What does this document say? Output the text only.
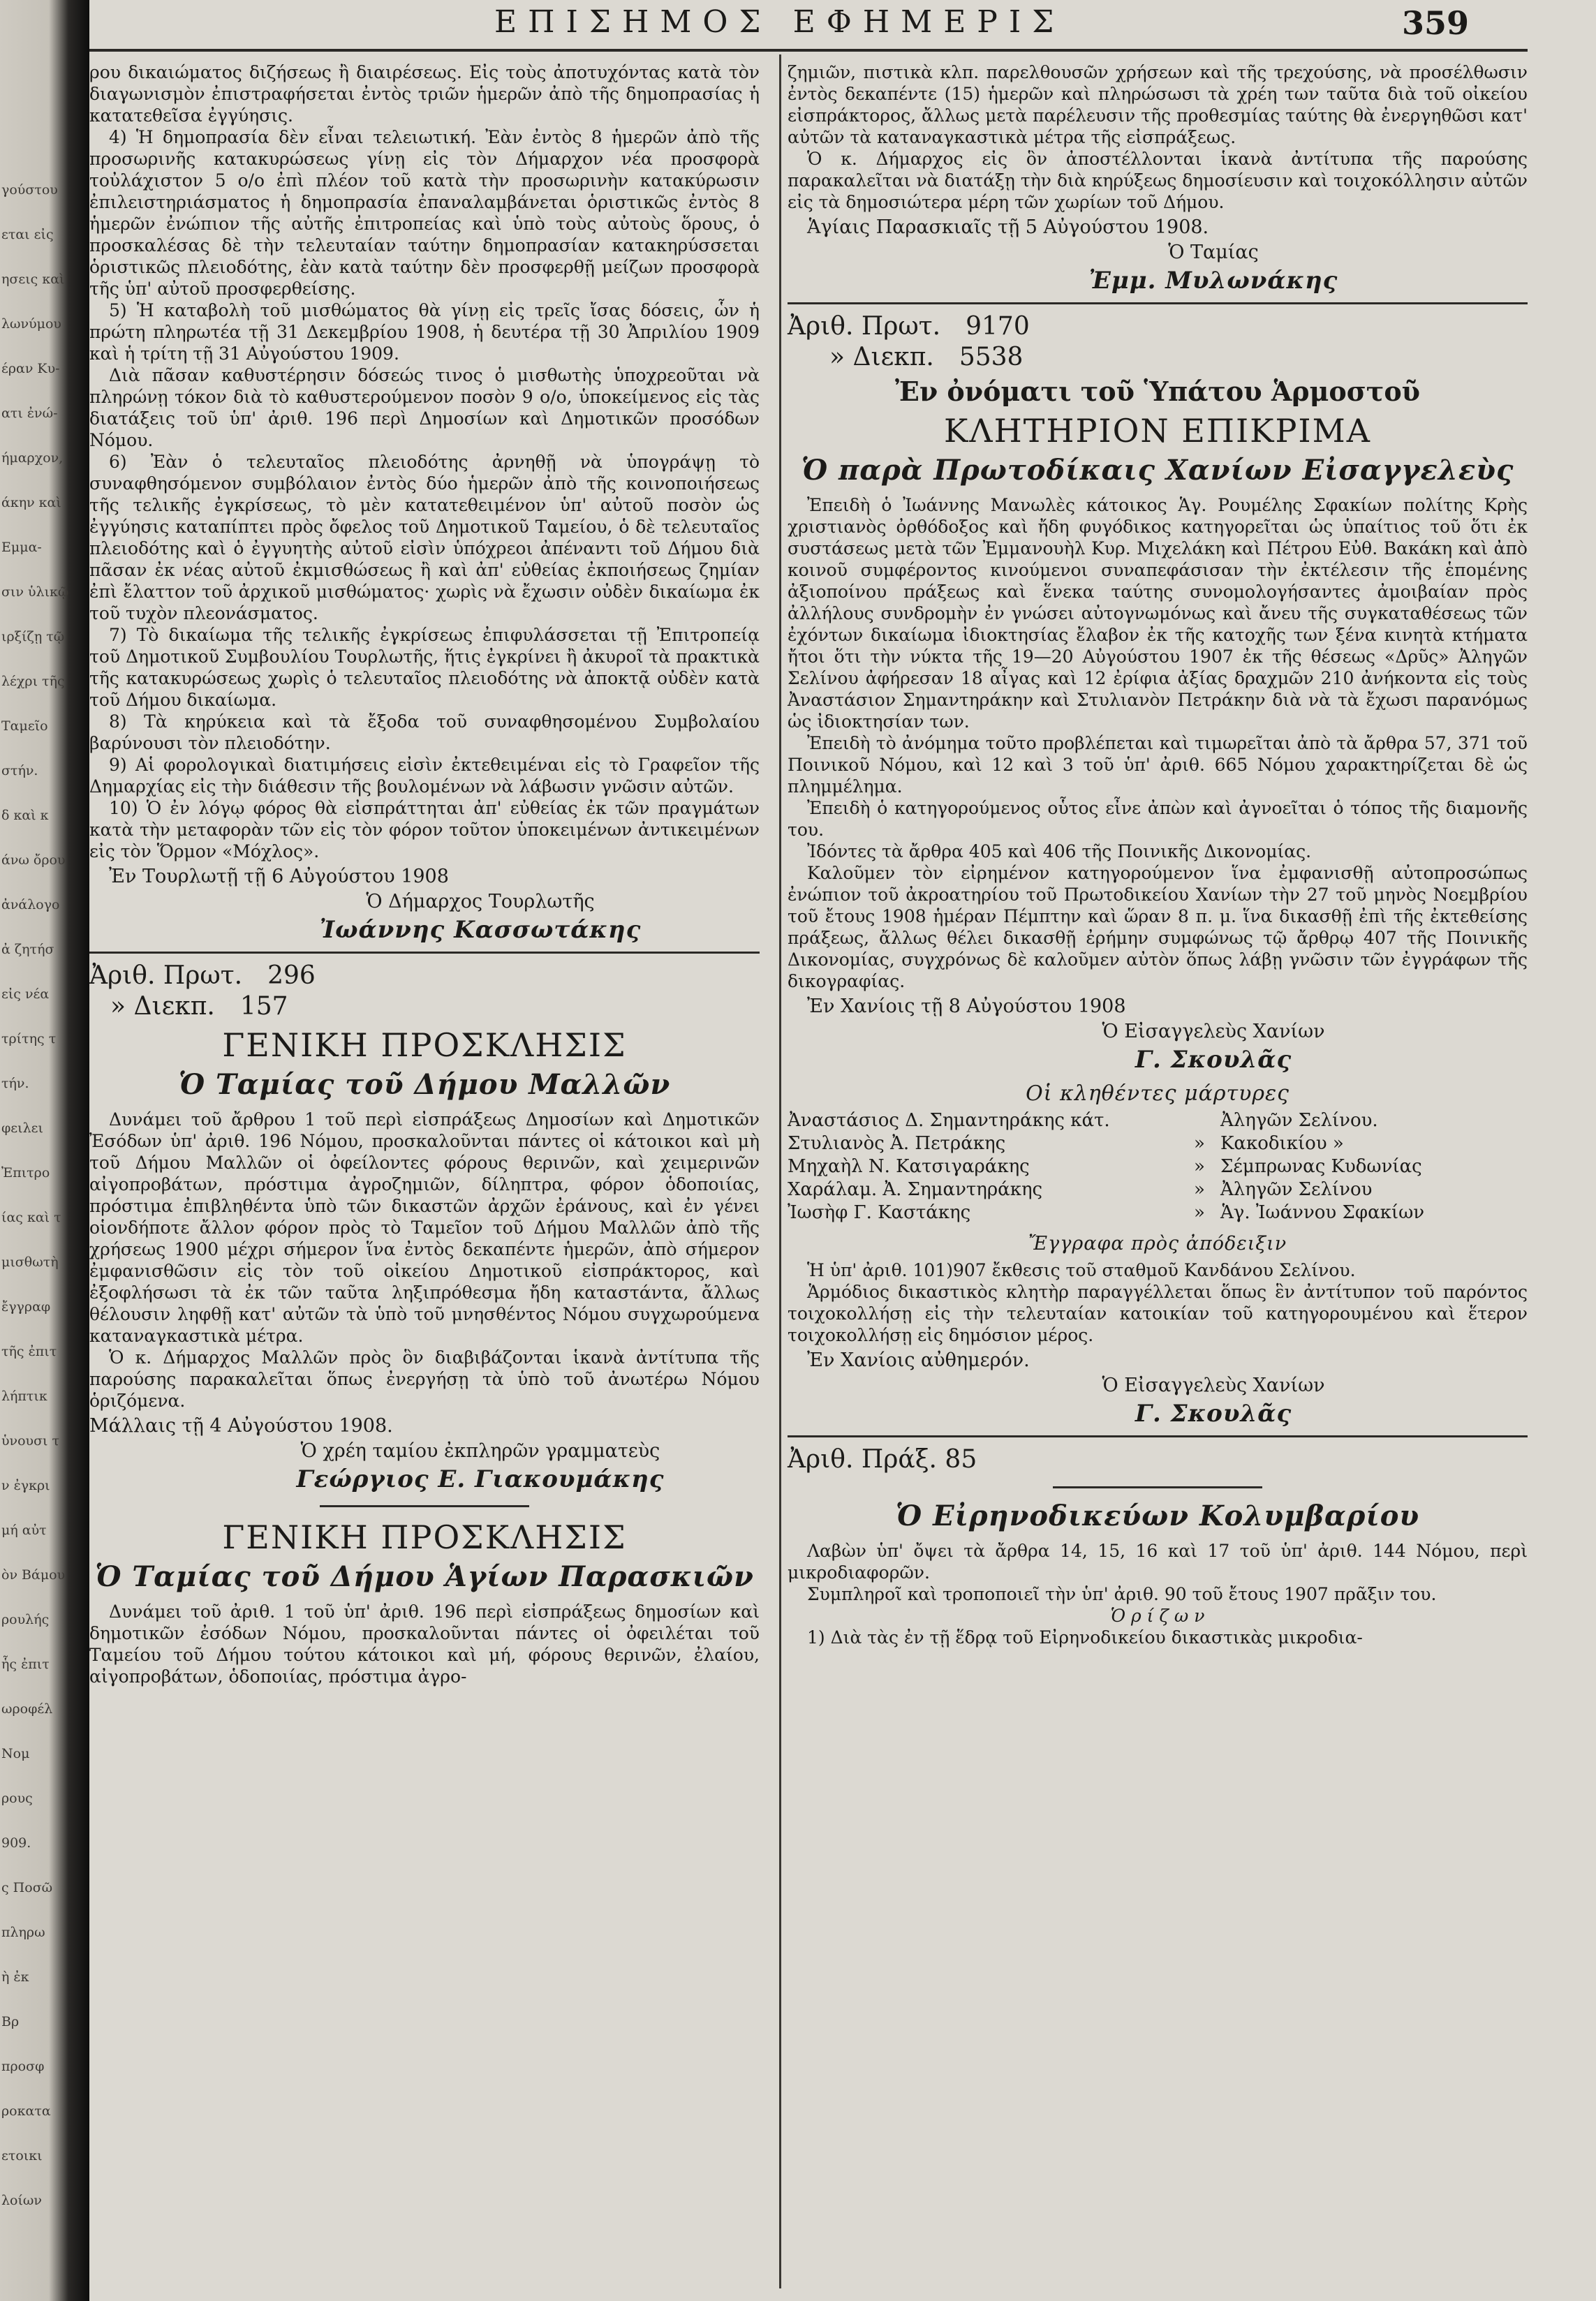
γούστου
εται εἰς
ησεις καὶ
λωνύμου
έραν Κυ-
ατι ἐνώ-
ήμαρχον,
άκην καὶ
Εμμα-
σιν ὑλικῷ
ιρξίζῃ τῷ
λέχρι τῆς
Ταμεῖο
στήν.
δ καὶ κ
άνω ὄρου
ἀνάλογο
ἀ ζητήσ
εἰς νέα
τρίτης τ
τήν.
φειλει
Ἐπιτρο
ίας καὶ τ
μισθωτὴ
ἔγγραφ
τῆς ἐπιτ
λήπτικ
ὑνουσι τ
ν ἐγκρι
μή αὐτ
ὸν Βάμου
ρουλής
ἧς ἐπιτ
ωροφέλ
Νομ
ρους
909.
ς Ποσῶ
πληρω
ὴ ἐκ
Βρ
προσφ
ροκατα
ετοικι
λοίων
ΕΠΙΣΗΜΟΣ ΕΦΗΜΕΡΙΣ	359

ρου δικαιώματος διζήσεως ἢ διαιρέσεως. Εἰς τοὺς ἀποτυχόντας κατὰ τὸν διαγωνισμὸν ἐπιστραφήσεται ἐντὸς τριῶν ἡμερῶν ἀπὸ τῆς δημοπρασίας ἡ κατατεθεῖσα ἐγγύησις.

4) Ἡ δημοπρασία δὲν εἶναι τελειωτική. Ἐὰν ἐντὸς 8 ἡμερῶν ἀπὸ τῆς προσωρινῆς κατακυρώσεως γίνῃ εἰς τὸν Δήμαρχον νέα προσφορὰ τοὐλάχιστον 5 ο/ο ἐπὶ πλέον τοῦ κατὰ τὴν προσωρινὴν κατακύρωσιν ἐπιλειστηριάσματος ἡ δημοπρασία ἐπαναλαμβάνεται ὁριστικῶς ἐντὸς 8 ἡμερῶν ἐνώπιον τῆς αὐτῆς ἐπιτροπείας καὶ ὑπὸ τοὺς αὐτοὺς ὅρους, ὁ προσκαλέσας δὲ τὴν τελευταίαν ταύτην δημοπρασίαν κατακηρύσσεται ὁριστικῶς πλειοδότης, ἐὰν κατὰ ταύτην δὲν προσφερθῇ μείζων προσφορὰ τῆς ὑπ' αὐτοῦ προσφερθείσης.

5) Ἡ καταβολὴ τοῦ μισθώματος θὰ γίνῃ εἰς τρεῖς ἴσας δόσεις, ὧν ἡ πρώτη πληρωτέα τῇ 31 Δεκεμβρίου 1908, ἡ δευτέρα τῇ 30 Ἀπριλίου 1909 καὶ ἡ τρίτη τῇ 31 Αὐγούστου 1909.

Διὰ πᾶσαν καθυστέρησιν δόσεώς τινος ὁ μισθωτὴς ὑποχρεοῦται νὰ πληρώνῃ τόκον διὰ τὸ καθυστερούμενον ποσὸν 9 ο/ο, ὑποκείμενος εἰς τὰς διατάξεις τοῦ ὑπ' ἀριθ. 196 περὶ Δημοσίων καὶ Δημοτικῶν προσόδων Νόμου.

6) Ἐὰν ὁ τελευταῖος πλειοδότης ἀρνηθῇ νὰ ὑπογράψῃ τὸ συναφθησόμενον συμβόλαιον ἐντὸς δύο ἡμερῶν ἀπὸ τῆς κοινοποιήσεως τῆς τελικῆς ἐγκρίσεως, τὸ μὲν κατατεθειμένον ὑπ' αὐτοῦ ποσὸν ὡς ἐγγύησις καταπίπτει πρὸς ὄφελος τοῦ Δημοτικοῦ Ταμείου, ὁ δὲ τελευταῖος πλειοδότης καὶ ὁ ἐγγυητὴς αὐτοῦ εἰσὶν ὑπόχρεοι ἀπέναντι τοῦ Δήμου διὰ πᾶσαν ἐκ νέας αὐτοῦ ἐκμισθώσεως ἢ καὶ ἀπ' εὐθείας ἐκποιήσεως ζημίαν ἐπὶ ἔλαττον τοῦ ἀρχικοῦ μισθώματος· χωρὶς νὰ ἔχωσιν οὐδὲν δικαίωμα ἐκ τοῦ τυχὸν πλεονάσματος.

7) Τὸ δικαίωμα τῆς τελικῆς ἐγκρίσεως ἐπιφυλάσσεται τῇ Ἐπιτροπείᾳ τοῦ Δημοτικοῦ Συμβουλίου Τουρλωτῆς, ἥτις ἐγκρίνει ἢ ἀκυροῖ τὰ πρακτικὰ τῆς κατακυρώσεως χωρὶς ὁ τελευταῖος πλειοδότης νὰ ἀποκτᾷ οὐδὲν κατὰ τοῦ Δήμου δικαίωμα.

8) Τὰ κηρύκεια καὶ τὰ ἔξοδα τοῦ συναφθησομένου Συμβολαίου βαρύνουσι τὸν πλειοδότην.

9) Αἱ φορολογικαὶ διατιμήσεις εἰσὶν ἐκτεθειμέναι εἰς τὸ Γραφεῖον τῆς Δημαρχίας εἰς τὴν διάθεσιν τῆς βουλομένων νὰ λάβωσιν γνῶσιν αὐτῶν.

10) Ὁ ἐν λόγῳ φόρος θὰ εἰσπράττηται ἀπ' εὐθείας ἐκ τῶν πραγμάτων κατὰ τὴν μεταφορὰν τῶν εἰς τὸν φόρον τοῦτον ὑποκειμένων ἀντικειμένων εἰς τὸν Ὅρμον «Μόχλος».

Ἐν Τουρλωτῇ τῇ 6 Αὐγούστου 1908

Ὁ Δήμαρχος Τουρλωτῆς

Ἰωάννης Κασσωτάκης

Ἀριθ. Πρωτ. 296

» Διεκπ. 157

ΓΕΝΙΚΗ ΠΡΟΣΚΛΗΣΙΣ

Ὁ Ταμίας τοῦ Δήμου Μαλλῶν

Δυνάμει τοῦ ἄρθρου 1 τοῦ περὶ εἰσπράξεως Δημοσίων καὶ Δημοτικῶν Ἐσόδων ὑπ' ἀριθ. 196 Νόμου, προσκαλοῦνται πάντες οἱ κάτοικοι καὶ μὴ τοῦ Δήμου Μαλλῶν οἱ ὀφείλοντες φόρους θερινῶν, καὶ χειμερινῶν αἰγοπροβάτων, πρόστιμα ἀγροζημιῶν, δίληπτρα, φόρον ὁδοποιίας, πρόστιμα ἐπιβληθέντα ὑπὸ τῶν δικαστῶν ἀρχῶν ἐράνους, καὶ ἐν γένει οἱονδήποτε ἄλλον φόρον πρὸς τὸ Ταμεῖον τοῦ Δήμου Μαλλῶν ἀπὸ τῆς χρήσεως 1900 μέχρι σήμερον ἵνα ἐντὸς δεκαπέντε ἡμερῶν, ἀπὸ σήμερον ἐμφανισθῶσιν εἰς τὸν τοῦ οἰκείου Δημοτικοῦ εἰσπράκτορος, καὶ ἐξοφλήσωσι τὰ ἐκ τῶν ταῦτα ληξιπρόθεσμα ἤδη καταστάντα, ἄλλως θέλουσιν ληφθῇ κατ' αὐτῶν τὰ ὑπὸ τοῦ μνησθέντος Νόμου συγχωρούμενα καταναγκαστικὰ μέτρα.

Ὁ κ. Δήμαρχος Μαλλῶν πρὸς ὃν διαβιβάζονται ἱκανὰ ἀντίτυπα τῆς παρούσης παρακαλεῖται ὅπως ἐνεργήσῃ τὰ ὑπὸ τοῦ ἀνωτέρω Νόμου ὁριζόμενα.

Μάλλαις τῇ 4 Αὐγούστου 1908.

Ὁ χρέη ταμίου ἐκπληρῶν γραμματεὺς

Γεώργιος Ε. Γιακουμάκης

ΓΕΝΙΚΗ ΠΡΟΣΚΛΗΣΙΣ

Ὁ Ταμίας τοῦ Δήμου Ἁγίων Παρασκιῶν

Δυνάμει τοῦ ἀριθ. 1 τοῦ ὑπ' ἀριθ. 196 περὶ εἰσπράξεως δημοσίων καὶ δημοτικῶν ἐσόδων Νόμου, προσκαλοῦνται πάντες οἱ ὀφειλέται τοῦ Ταμείου τοῦ Δήμου τούτου κάτοικοι καὶ μή, φόρους θερινῶν, ἐλαίου, αἰγοπροβάτων, ὁδοποιίας, πρόστιμα ἀγρο-

ζημιῶν, πιστικὰ κλπ. παρελθουσῶν χρήσεων καὶ τῆς τρεχούσης, νὰ προσέλθωσιν ἐντὸς δεκαπέντε (15) ἡμερῶν καὶ πληρώσωσι τὰ χρέη των ταῦτα διὰ τοῦ οἰκείου εἰσπράκτορος, ἄλλως μετὰ παρέλευσιν τῆς προθεσμίας ταύτης θὰ ἐνεργηθῶσι κατ' αὐτῶν τὰ καταναγκαστικὰ μέτρα τῆς εἰσπράξεως.

Ὁ κ. Δήμαρχος εἰς ὃν ἀποστέλλονται ἱκανὰ ἀντίτυπα τῆς παρούσης παρακαλεῖται νὰ διατάξῃ τὴν διὰ κηρύξεως δημοσίευσιν καὶ τοιχοκόλλησιν αὐτῶν εἰς τὰ δημοσιώτερα μέρη τῶν χωρίων τοῦ Δήμου.

Ἁγίαις Παρασκιαῖς τῇ 5 Αὐγούστου 1908.

Ὁ Ταμίας

Ἐμμ. Μυλωνάκης

Ἀριθ. Πρωτ. 9170

» Διεκπ. 5538

Ἐν ὀνόματι τοῦ Ὑπάτου Ἁρμοστοῦ

ΚΛΗΤΗΡΙΟΝ ΕΠΙΚΡΙΜΑ

Ὁ παρὰ Πρωτοδίκαις Χανίων Εἰσαγγελεὺς

Ἐπειδὴ ὁ Ἰωάννης Μανωλὲς κάτοικος Ἁγ. Ρουμέλης Σφακίων πολίτης Κρὴς χριστιανὸς ὀρθόδοξος καὶ ἤδη φυγόδικος κατηγορεῖται ὡς ὑπαίτιος τοῦ ὅτι ἐκ συστάσεως μετὰ τῶν Ἐμμανουὴλ Κυρ. Μιχελάκη καὶ Πέτρου Εὐθ. Βακάκη καὶ ἀπὸ κοινοῦ συμφέροντος κινούμενοι συναπεφάσισαν τὴν ἐκτέλεσιν τῆς ἑπομένης ἀξιοποίνου πράξεως καὶ ἕνεκα ταύτης συνομολογήσαντες ἀμοιβαίαν πρὸς ἀλλήλους συνδρομὴν ἐν γνώσει αὐτογνωμόνως καὶ ἄνευ τῆς συγκαταθέσεως τῶν ἐχόντων δικαίωμα ἰδιοκτησίας ἔλαβον ἐκ τῆς κατοχῆς των ξένα κινητὰ κτήματα ἤτοι ὅτι τὴν νύκτα τῆς 19—20 Αὐγούστου 1907 ἐκ τῆς θέσεως «Δρῦς» Ἀληγῶν Σελίνου ἀφήρεσαν 18 αἶγας καὶ 12 ἐρίφια ἀξίας δραχμῶν 210 ἀνήκοντα εἰς τοὺς Ἀναστάσιον Σημαντηράκην καὶ Στυλιανὸν Πετράκην διὰ νὰ τὰ ἔχωσι παρανόμως ὡς ἰδιοκτησίαν των.

Ἐπειδὴ τὸ ἀνόμημα τοῦτο προβλέπεται καὶ τιμωρεῖται ἀπὸ τὰ ἄρθρα 57, 371 τοῦ Ποινικοῦ Νόμου, καὶ 12 καὶ 3 τοῦ ὑπ' ἀριθ. 665 Νόμου χαρακτηρίζεται δὲ ὡς πλημμέλημα.

Ἐπειδὴ ὁ κατηγορούμενος οὗτος εἶνε ἀπὼν καὶ ἀγνοεῖται ὁ τόπος τῆς διαμονῆς του.

Ἰδόντες τὰ ἄρθρα 405 καὶ 406 τῆς Ποινικῆς Δικονομίας.

Καλοῦμεν τὸν εἰρημένον κατηγορούμενον ἵνα ἐμφανισθῇ αὐτοπροσώπως ἐνώπιον τοῦ ἀκροατηρίου τοῦ Πρωτοδικείου Χανίων τὴν 27 τοῦ μηνὸς Νοεμβρίου τοῦ ἔτους 1908 ἡμέραν Πέμπτην καὶ ὥραν 8 π. μ. ἵνα δικασθῇ ἐπὶ τῆς ἐκτεθείσης πράξεως, ἄλλως θέλει δικασθῇ ἐρήμην συμφώνως τῷ ἄρθρῳ 407 τῆς Ποινικῆς Δικονομίας, συγχρόνως δὲ καλοῦμεν αὐτὸν ὅπως λάβῃ γνῶσιν τῶν ἐγγράφων τῆς δικογραφίας.

Ἐν Χανίοις τῇ 8 Αὐγούστου 1908

Ὁ Εἰσαγγελεὺς Χανίων

Γ. Σκουλᾶς

Οἱ κληθέντες μάρτυρες

Ἀναστάσιος Δ. Σημαντηράκης κάτ.	Ἀληγῶν Σελίνου.
Στυλιανὸς Ἀ. Πετράκης	» Κακοδικίου »
Μηχαὴλ Ν. Κατσιγαράκης	» Σέμπρωνας Κυδωνίας
Χαράλαμ. Ἀ. Σημαντηράκης	» Ἀληγῶν Σελίνου
Ἰωσὴφ Γ. Καστάκης	» Ἁγ. Ἰωάννου Σφακίων

Ἔγγραφα πρὸς ἀπόδειξιν

Ἡ ὑπ' ἀριθ. 101)907 ἔκθεσις τοῦ σταθμοῦ Κανδάνου Σελίνου.

Ἁρμόδιος δικαστικὸς κλητὴρ παραγγέλλεται ὅπως ἓν ἀντίτυπον τοῦ παρόντος τοιχοκολλήσῃ εἰς τὴν τελευταίαν κατοικίαν τοῦ κατηγορουμένου καὶ ἕτερον τοιχοκολλήσῃ εἰς δημόσιον μέρος.

Ἐν Χανίοις αὐθημερόν.

Ὁ Εἰσαγγελεὺς Χανίων

Γ. Σκουλᾶς

Ἀριθ. Πράξ. 85

Ὁ Εἰρηνοδικεύων Κολυμβαρίου

Λαβὼν ὑπ' ὄψει τὰ ἄρθρα 14, 15, 16 καὶ 17 τοῦ ὑπ' ἀριθ. 144 Νόμου, περὶ μικροδιαφορῶν.

Συμπληροῖ καὶ τροποποιεῖ τὴν ὑπ' ἀριθ. 90 τοῦ ἔτους 1907 πρᾶξιν του.

Ὁ ρ ί ζ ω ν

1) Διὰ τὰς ἐν τῇ ἕδρᾳ τοῦ Εἰρηνοδικείου δικαστικὰς μικροδια-
